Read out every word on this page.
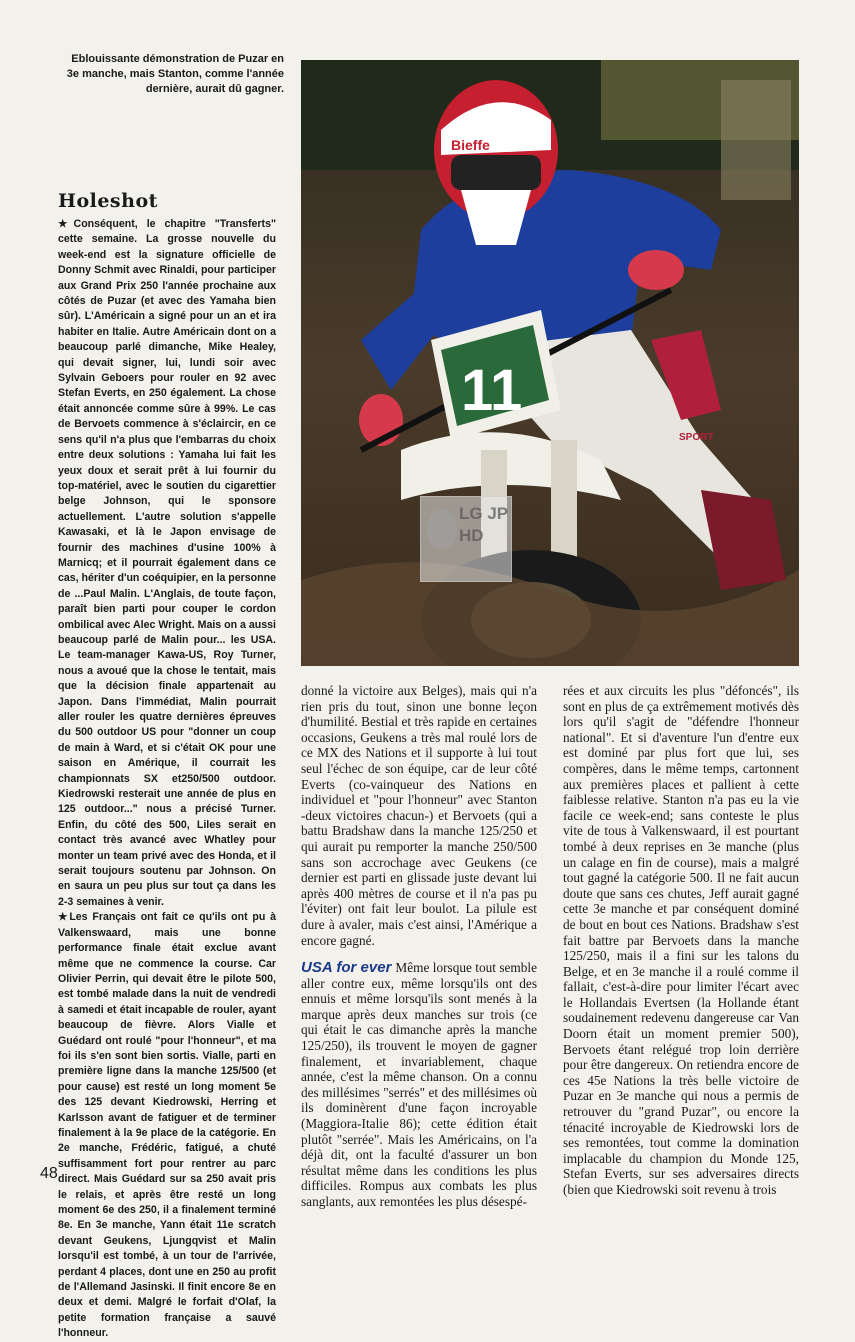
Eblouissante démonstration de Puzar en 3e manche, mais Stanton, comme l'année dernière, aurait dû gagner.
Bieffe
11
SPORT
LG JP HD
Holeshot

★Conséquent, le chapitre "Transferts" cette semaine. La grosse nouvelle du week-end est la signature officielle de Donny Schmit avec Rinaldi, pour participer aux Grand Prix 250 l'année prochaine aux côtés de Puzar (et avec des Yamaha bien sûr). L'Américain a signé pour un an et ira habiter en Italie. Autre Américain dont on a beaucoup parlé dimanche, Mike Healey, qui devait signer, lui, lundi soir avec Sylvain Geboers pour rouler en 92 avec Stefan Everts, en 250 également. La chose était annoncée comme sûre à 99%. Le cas de Bervoets commence à s'éclaircir, en ce sens qu'il n'a plus que l'embarras du choix entre deux solutions : Yamaha lui fait les yeux doux et serait prêt à lui fournir du top-matériel, avec le soutien du cigarettier belge Johnson, qui le sponsore actuellement. L'autre solution s'appelle Kawasaki, et là le Japon envisage de fournir des machines d'usine 100% à Marnicq; et il pourrait également dans ce cas, hériter d'un coéquipier, en la personne de ...Paul Malin. L'Anglais, de toute façon, paraît bien parti pour couper le cordon ombilical avec Alec Wright. Mais on a aussi beaucoup parlé de Malin pour... les USA. Le team-manager Kawa-US, Roy Turner, nous a avoué que la chose le tentait, mais que la décision finale appartenait au Japon. Dans l'immédiat, Malin pourrait aller rouler les quatre dernières épreuves du 500 outdoor US pour "donner un coup de main à Ward, et si c'était OK pour une saison en Amérique, il courrait les championnats SX et250/500 outdoor. Kiedrowski resterait une année de plus en 125 outdoor..." nous a précisé Turner. Enfin, du côté des 500, Liles serait en contact très avancé avec Whatley pour monter un team privé avec des Honda, et il serait toujours soutenu par Johnson. On en saura un peu plus sur tout ça dans les 2-3 semaines à venir.

★Les Français ont fait ce qu'ils ont pu à Valkenswaard, mais une bonne performance finale était exclue avant même que ne commence la course. Car Olivier Perrin, qui devait être le pilote 500, est tombé malade dans la nuit de vendredi à samedi et était incapable de rouler, ayant beaucoup de fièvre. Alors Vialle et Guédard ont roulé "pour l'honneur", et ma foi ils s'en sont bien sortis. Vialle, parti en première ligne dans la manche 125/500 (et pour cause) est resté un long moment 5e des 125 devant Kiedrowski, Herring et Karlsson avant de fatiguer et de terminer finalement à la 9e place de la catégorie. En 2e manche, Frédéric, fatigué, a chuté suffisamment fort pour rentrer au parc direct. Mais Guédard sur sa 250 avait pris le relais, et après être resté un long moment 6e des 250, il a finalement terminé 8e. En 3e manche, Yann était 11e scratch devant Geukens, Ljungqvist et Malin lorsqu'il est tombé, à un tour de l'arrivée, perdant 4 places, dont une en 250 au profit de l'Allemand Jasinski. Il finit encore 8e en deux et demi. Malgré le forfait d'Olaf, la petite formation française a sauvé l'honneur.

donné la victoire aux Belges), mais qui n'a rien pris du tout, sinon une bonne leçon d'humilité. Bestial et très rapide en certaines occasions, Geukens a très mal roulé lors de ce MX des Nations et il supporte à lui tout seul l'échec de son équipe, car de leur côté Everts (co-vainqueur des Nations en individuel et "pour l'honneur" avec Stanton -deux victoires chacun-) et Bervoets (qui a battu Bradshaw dans la manche 125/250 et qui aurait pu remporter la manche 250/500 sans son accrochage avec Geukens (ce dernier est parti en glissade juste devant lui après 400 mètres de course et il n'a pas pu l'éviter) ont fait leur boulot. La pilule est dure à avaler, mais c'est ainsi, l'Amérique a encore gagné.

USA for ever Même lorsque tout semble aller contre eux, même lorsqu'ils ont des ennuis et même lorsqu'ils sont menés à la marque après deux manches sur trois (ce qui était le cas dimanche après la manche 125/250), ils trouvent le moyen de gagner finalement, et invariablement, chaque année, c'est la même chanson. On a connu des millésimes "serrés" et des millésimes où ils dominèrent d'une façon incroyable (Maggiora-Italie 86); cette édition était plutôt "serrée". Mais les Américains, on l'a déjà dit, ont la faculté d'assurer un bon résultat même dans les conditions les plus difficiles. Rompus aux combats les plus sanglants, aux remontées les plus désespé-

rées et aux circuits les plus "défoncés", ils sont en plus de ça extrêmement motivés dès lors qu'il s'agit de "défendre l'honneur national". Et si d'aventure l'un d'entre eux est dominé par plus fort que lui, ses compères, dans le même temps, cartonnent aux premières places et pallient à cette faiblesse relative. Stanton n'a pas eu la vie facile ce week-end; sans conteste le plus vite de tous à Valkenswaard, il est pourtant tombé à deux reprises en 3e manche (plus un calage en fin de course), mais a malgré tout gagné la catégorie 500. Il ne fait aucun doute que sans ces chutes, Jeff aurait gagné cette 3e manche et par conséquent dominé de bout en bout ces Nations. Bradshaw s'est fait battre par Bervoets dans la manche 125/250, mais il a fini sur les talons du Belge, et en 3e manche il a roulé comme il fallait, c'est-à-dire pour limiter l'écart avec le Hollandais Evertsen (la Hollande étant soudainement redevenu dangereuse car Van Doorn était un moment premier 500), Bervoets étant relégué trop loin derrière pour être dangereux. On retiendra encore de ces 45e Nations la très belle victoire de Puzar en 3e manche qui nous a permis de retrouver du "grand Puzar", ou encore la ténacité incroyable de Kiedrowski lors de ses remontées, tout comme la domination implacable du champion du Monde 125, Stefan Everts, sur ses adversaires directs (bien que Kiedrowski soit revenu à trois

48
